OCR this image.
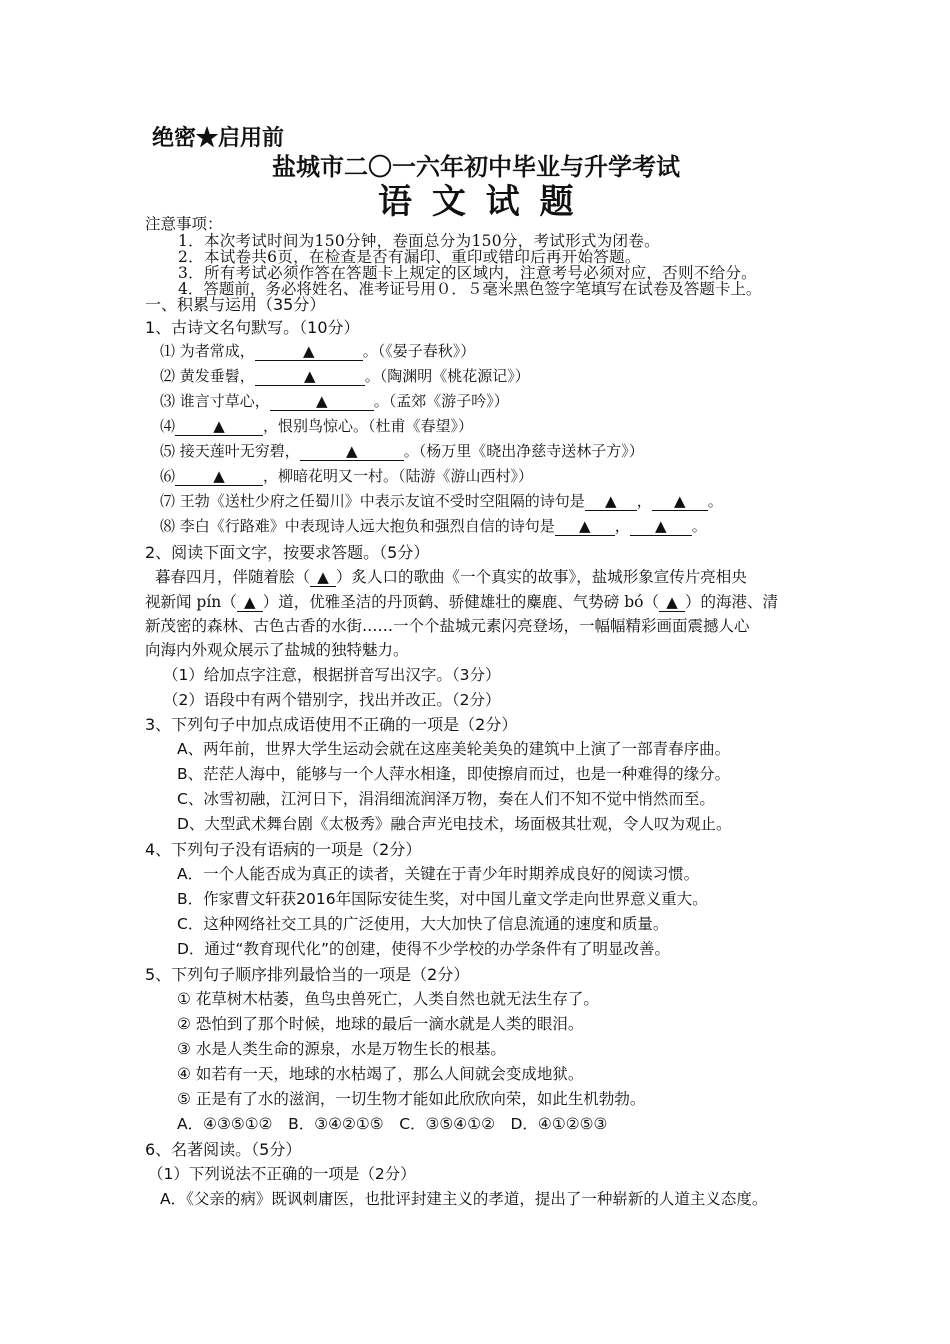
绝密★启用前
盐城市二〇一六年初中毕业与升学考试
语 文 试 题
注意事项：
1．本次考试时间为150分钟，卷面总分为150分，考试形式为闭卷。
2．本试卷共6页，在检查是否有漏印、重印或错印后再开始答题。
3．所有考试必须作答在答题卡上规定的区域内，注意考号必须对应，否则不给分。
4．答题前，务必将姓名、准考证号用０．５毫米黑色签字笔填写在试卷及答题卡上。
一、积累与运用（35分）
1、古诗文名句默写。（10分）
⑴ 为者常成，	▲	。（《晏子春秋》）
⑵ 黄发垂髫，	▲	。（陶渊明《桃花源记》）
⑶ 谁言寸草心，	▲	。（孟郊《游子吟》）
⑷	▲	，恨别鸟惊心。（杜甫《春望》）
⑸ 接天莲叶无穷碧，	▲	。（杨万里《晓出净慈寺送林子方》）
⑹	▲	，柳暗花明又一村。（陆游《游山西村》）
⑺ 王勃《送杜少府之任蜀川》中表示友谊不受时空阻隔的诗句是 ▲ ， ▲ 。
⑻ 李白《行路难》中表现诗人远大抱负和强烈自信的诗句是 ▲ ， ▲ 。
2、阅读下面文字，按要求答题。（5分）
暮春四月，伴随着脍（ ▲ ）炙人口的歌曲《一个真实的故事》，盐城形象宣传片亮相央
视新闻 pín（ ▲ ）道，优雅圣洁的丹顶鹤、骄健雄壮的麋鹿、气势磅 bó（ ▲ ）的海港、清
新茂密的森林、古色古香的水街……一个个盐城元素闪亮登场，一幅幅精彩画面震撼人心
向海内外观众展示了盐城的独特魅力。
（1）给加点字注意，根据拼音写出汉字。（3分）
（2）语段中有两个错别字，找出并改正。（2分）
3、下列句子中加点成语使用不正确的一项是（2分）
A、两年前，世界大学生运动会就在这座美轮美奂的建筑中上演了一部青春序曲。
B、茫茫人海中，能够与一个人萍水相逢，即使擦肩而过，也是一种难得的缘分。
C、冰雪初融，江河日下，涓涓细流润泽万物，奏在人们不知不觉中悄然而至。
D、大型武术舞台剧《太极秀》融合声光电技术，场面极其壮观，令人叹为观止。
4、下列句子没有语病的一项是（2分）
A．一个人能否成为真正的读者，关键在于青少年时期养成良好的阅读习惯。
B．作家曹文轩获2016年国际安徒生奖，对中国儿童文学走向世界意义重大。
C．这种网络社交工具的广泛使用，大大加快了信息流通的速度和质量。
D．通过“教育现代化”的创建，使得不少学校的办学条件有了明显改善。
5、下列句子顺序排列最恰当的一项是（2分）
① 花草树木枯萎，鱼鸟虫兽死亡，人类自然也就无法生存了。
② 恐怕到了那个时候，地球的最后一滴水就是人类的眼泪。
③ 水是人类生命的源泉，水是万物生长的根基。
④ 如若有一天，地球的水枯竭了，那么人间就会变成地狱。
⑤ 正是有了水的滋润，一切生物才能如此欣欣向荣，如此生机勃勃。
A．④③⑤①②　B．③④②①⑤　C．③⑤④①②　D．④①②⑤③
6、名著阅读。（5分）
（1）下列说法不正确的一项是（2分）
A．《父亲的病》既讽刺庸医，也批评封建主义的孝道，提出了一种崭新的人道主义态度。
